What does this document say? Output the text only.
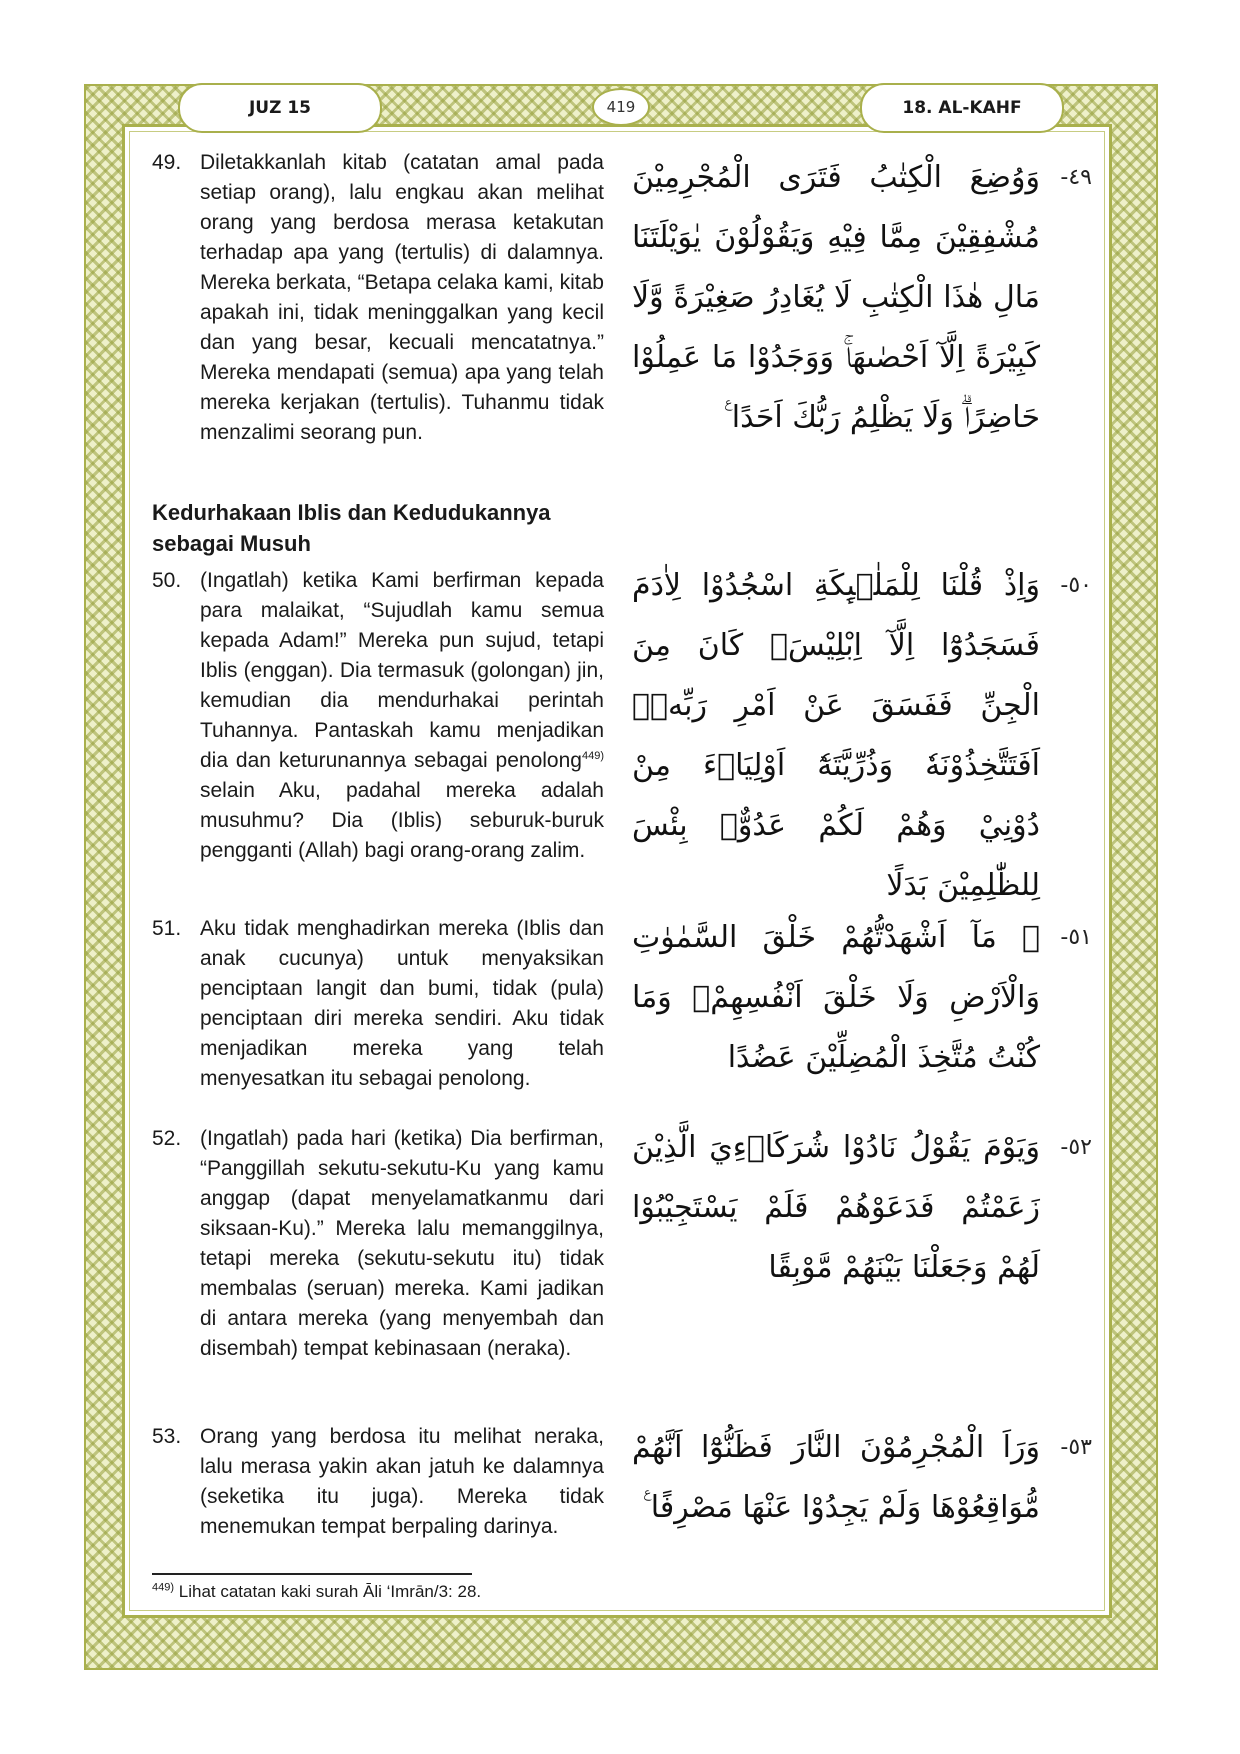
JUZ 15	419	18. AL-KAHF
49. Diletakkanlah kitab (catatan amal pada setiap orang), lalu engkau akan melihat orang yang berdosa merasa ketakutan terhadap apa yang (tertulis) di dalamnya. Mereka berkata, “Betapa celaka kami, kitab apakah ini, tidak meninggalkan yang kecil dan yang besar, kecuali mencatatnya.” Mereka mendapati (semua) apa yang telah mereka kerjakan (tertulis). Tuhanmu tidak menzalimi seorang pun.
٤٩-
وَوُضِعَ الْكِتٰبُ فَتَرَى الْمُجْرِمِيْنَ مُشْفِقِيْنَ مِمَّا فِيْهِ وَيَقُوْلُوْنَ يٰوَيْلَتَنَا مَالِ هٰذَا الْكِتٰبِ لَا يُغَادِرُ صَغِيْرَةً وَّلَا كَبِيْرَةً اِلَّآ اَحْصٰىهَاۚ وَوَجَدُوْا مَا عَمِلُوْا حَاضِرًاۗ وَلَا يَظْلِمُ رَبُّكَ اَحَدًا ࣖ
Kedurhakaan Iblis dan Kedudukannya sebagai Musuh
50. (Ingatlah) ketika Kami berfirman kepada para malaikat, “Sujudlah kamu semua kepada Adam!” Mereka pun sujud, tetapi Iblis (enggan). Dia termasuk (golongan) jin, kemudian dia mendurhakai perintah Tuhannya. Pantaskah kamu menjadikan dia dan keturunannya sebagai penolong$^{449)}$ selain Aku, padahal mereka adalah musuhmu? Dia (Iblis) seburuk-buruk pengganti (Allah) bagi orang-orang zalim.
٥٠-
وَاِذْ قُلْنَا لِلْمَلٰۤىِٕكَةِ اسْجُدُوْا لِاٰدَمَ فَسَجَدُوْٓا اِلَّآ اِبْلِيْسَۗ كَانَ مِنَ الْجِنِّ فَفَسَقَ عَنْ اَمْرِ رَبِّهٖۗ اَفَتَتَّخِذُوْنَهٗ وَذُرِّيَّتَهٗٓ اَوْلِيَاۤءَ مِنْ دُوْنِيْ وَهُمْ لَكُمْ عَدُوٌّۗ بِئْسَ لِلظّٰلِمِيْنَ بَدَلًا
51. Aku tidak menghadirkan mereka (Iblis dan anak cucunya) untuk menyaksikan penciptaan langit dan bumi, tidak (pula) penciptaan diri mereka sendiri. Aku tidak menjadikan mereka yang telah menyesatkan itu sebagai penolong.
٥١-
۞ مَآ اَشْهَدْتُّهُمْ خَلْقَ السَّمٰوٰتِ وَالْاَرْضِ وَلَا خَلْقَ اَنْفُسِهِمْۖ وَمَا كُنْتُ مُتَّخِذَ الْمُضِلِّيْنَ عَضُدًا
52. (Ingatlah) pada hari (ketika) Dia berfirman, “Panggillah sekutu-sekutu-Ku yang kamu anggap (dapat menyelamatkanmu dari siksaan-Ku).” Mereka lalu memanggilnya, tetapi mereka (sekutu-sekutu itu) tidak membalas (seruan) mereka. Kami jadikan di antara mereka (yang menyembah dan disembah) tempat kebinasaan (neraka).
٥٢-
وَيَوْمَ يَقُوْلُ نَادُوْا شُرَكَاۤءِيَ الَّذِيْنَ زَعَمْتُمْ فَدَعَوْهُمْ فَلَمْ يَسْتَجِيْبُوْا لَهُمْ وَجَعَلْنَا بَيْنَهُمْ مَّوْبِقًا
53. Orang yang berdosa itu melihat neraka, lalu merasa yakin akan jatuh ke dalamnya (seketika itu juga). Mereka tidak menemukan tempat berpaling darinya.
٥٣-
وَرَاَ الْمُجْرِمُوْنَ النَّارَ فَظَنُّوْٓا اَنَّهُمْ مُّوَاقِعُوْهَا وَلَمْ يَجِدُوْا عَنْهَا مَصْرِفًا ࣖ
$^{449)}$ Lihat catatan kaki surah Āli ‘Imrān/3: 28.
